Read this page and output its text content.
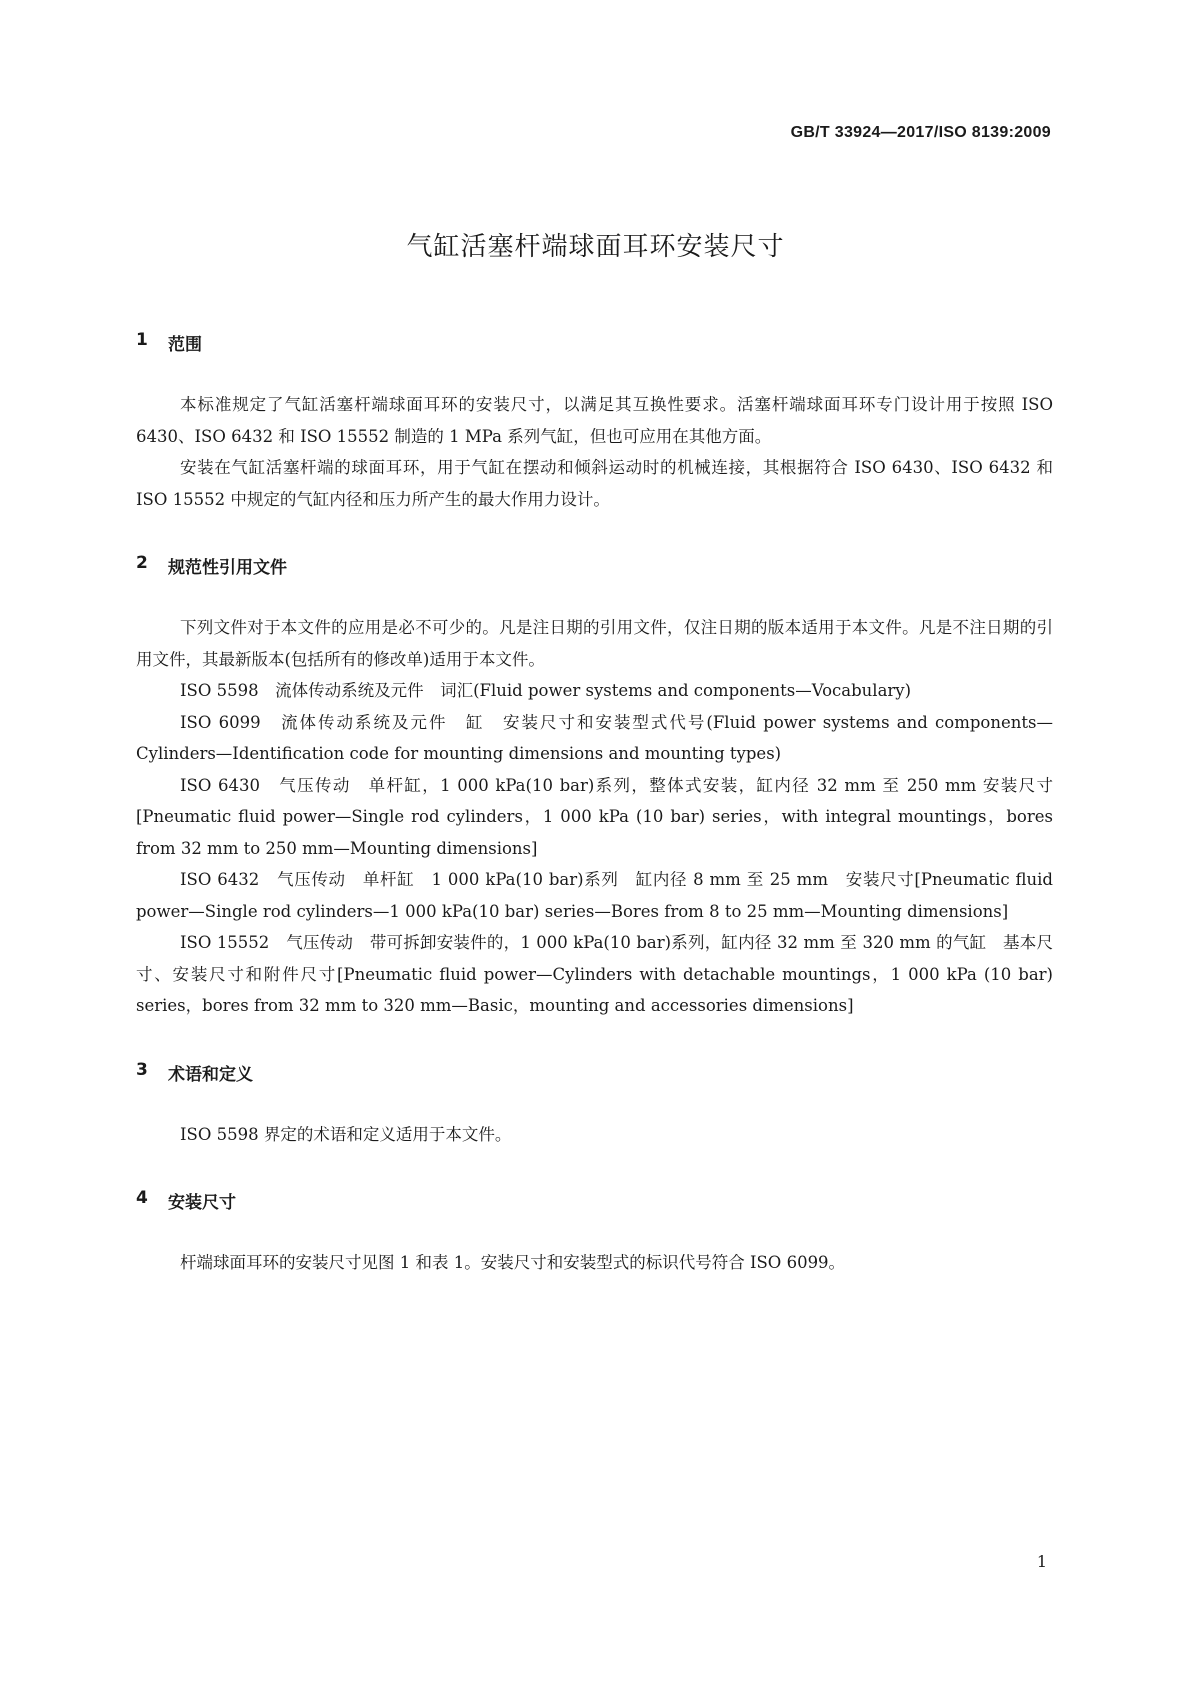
GB/T 33924—2017/ISO 8139:2009
气缸活塞杆端球面耳环安装尺寸
1	范围

本标准规定了气缸活塞杆端球面耳环的安装尺寸，以满足其互换性要求。活塞杆端球面耳环专门设计用于按照 ISO 6430、ISO 6432 和 ISO 15552 制造的 1 MPa 系列气缸，但也可应用在其他方面。

安装在气缸活塞杆端的球面耳环，用于气缸在摆动和倾斜运动时的机械连接，其根据符合 ISO 6430、ISO 6432 和 ISO 15552 中规定的气缸内径和压力所产生的最大作用力设计。

2	规范性引用文件

下列文件对于本文件的应用是必不可少的。凡是注日期的引用文件，仅注日期的版本适用于本文件。凡是不注日期的引用文件，其最新版本(包括所有的修改单)适用于本文件。

ISO 5598　流体传动系统及元件　词汇(Fluid power systems and components—Vocabulary)

ISO 6099　流体传动系统及元件　缸　安装尺寸和安装型式代号(Fluid power systems and components—Cylinders—Identification code for mounting dimensions and mounting types)

ISO 6430　气压传动　单杆缸，1 000 kPa(10 bar)系列，整体式安装，缸内径 32 mm 至 250 mm 安装尺寸[Pneumatic fluid power—Single rod cylinders，1 000 kPa (10 bar) series，with integral mountings，bores from 32 mm to 250 mm—Mounting dimensions]

ISO 6432　气压传动　单杆缸　1 000 kPa(10 bar)系列　缸内径 8 mm 至 25 mm　安装尺寸[Pneumatic fluid power—Single rod cylinders—1 000 kPa(10 bar) series—Bores from 8 to 25 mm—Mounting dimensions]

ISO 15552　气压传动　带可拆卸安装件的，1 000 kPa(10 bar)系列，缸内径 32 mm 至 320 mm 的气缸　基本尺寸、安装尺寸和附件尺寸[Pneumatic fluid power—Cylinders with detachable mountings，1 000 kPa (10 bar) series，bores from 32 mm to 320 mm—Basic，mounting and accessories dimensions]

3	术语和定义

ISO 5598 界定的术语和定义适用于本文件。

4	安装尺寸

杆端球面耳环的安装尺寸见图 1 和表 1。安装尺寸和安装型式的标识代号符合 ISO 6099。

1
